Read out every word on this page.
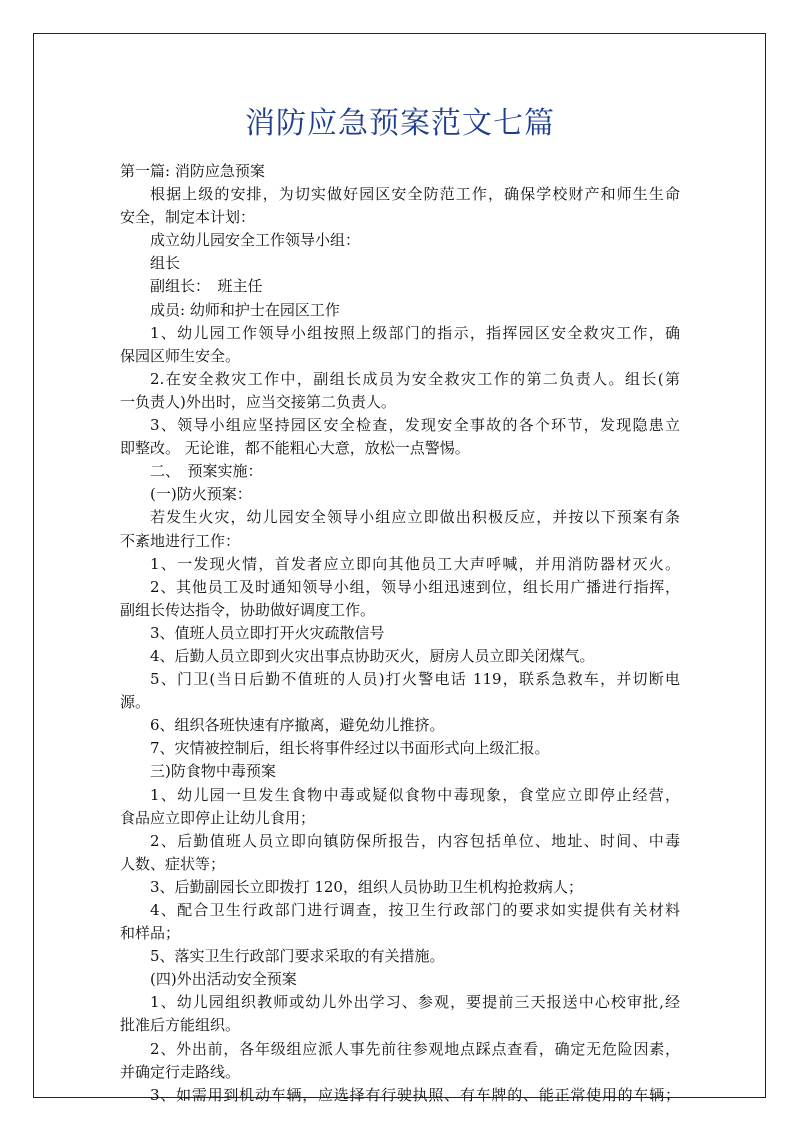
消防应急预案范文七篇
第一篇: 消防应急预案
根据上级的安排，为切实做好园区安全防范工作，确保学校财产和师生生命
安全，制定本计划：
成立幼儿园安全工作领导小组：
组长
副组长：　班主任
成员: 幼师和护士在园区工作
1、幼儿园工作领导小组按照上级部门的指示，指挥园区安全救灾工作，确
保园区师生安全。
2.在安全救灾工作中，副组长成员为安全救灾工作的第二负责人。组长(第
一负责人)外出时，应当交接第二负责人。
3、领导小组应坚持园区安全检查，发现安全事故的各个环节，发现隐患立
即整改。 无论谁，都不能粗心大意，放松一点警惕。
二、　预案实施：
(一)防火预案：
若发生火灾，幼儿园安全领导小组应立即做出积极反应，并按以下预案有条
不紊地进行工作：
1、一发现火情，首发者应立即向其他员工大声呼喊，并用消防器材灭火。
2、其他员工及时通知领导小组，领导小组迅速到位，组长用广播进行指挥，
副组长传达指令，协助做好调度工作。
3、值班人员立即打开火灾疏散信号
4、后勤人员立即到火灾出事点协助灭火，厨房人员立即关闭煤气。
5、门卫(当日后勤不值班的人员)打火警电话 119，联系急救车，并切断电
源。
6、组织各班快速有序撤离，避免幼儿推挤。
7、灾情被控制后，组长将事件经过以书面形式向上级汇报。
三)防食物中毒预案
1、幼儿园一旦发生食物中毒或疑似食物中毒现象，食堂应立即停止经营，
食品应立即停止让幼儿食用；
2、后勤值班人员立即向镇防保所报告，内容包括单位、地址、时间、中毒
人数、症状等；
3、后勤副园长立即拨打 120，组织人员协助卫生机构抢救病人；
4、配合卫生行政部门进行调查，按卫生行政部门的要求如实提供有关材料
和样品；
5、落实卫生行政部门要求采取的有关措施。
(四)外出活动安全预案
1、幼儿园组织教师或幼儿外出学习、参观，要提前三天报送中心校审批,经
批准后方能组织。
2、外出前，各年级组应派人事先前往参观地点踩点查看，确定无危险因素，
并确定行走路线。
3、如需用到机动车辆，应选择有行驶执照、有车牌的、能正常使用的车辆；
